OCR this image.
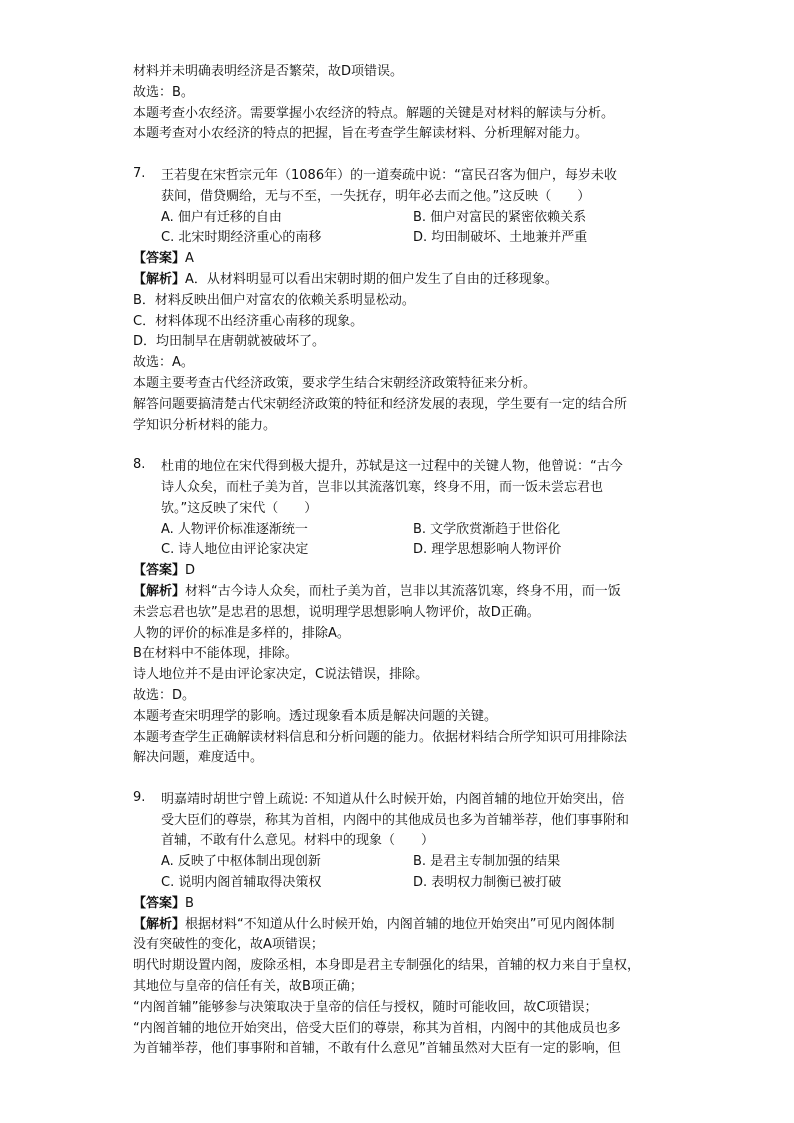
材料并未明确表明经济是否繁荣，故D项错误。
故选：B。
本题考查小农经济。需要掌握小农经济的特点。解题的关键是对材料的解读与分析。
本题考查对小农经济的特点的把握，旨在考查学生解读材料、分析理解对能力。
7.	王若叟在宋哲宗元年（1086年）的一道奏疏中说：“富民召客为佃户，每岁未收
获间，借贷赒给，无与不至，一失抚存，明年必去而之他。”这反映（　　）
A. 佃户有迁移的自由	B. 佃户对富民的紧密依赖关系
C. 北宋时期经济重心的南移	D. 均田制破坏、土地兼并严重
【答案】A
【解析】A．从材料明显可以看出宋朝时期的佃户发生了自由的迁移现象。
B．材料反映出佃户对富农的依赖关系明显松动。
C．材料体现不出经济重心南移的现象。
D．均田制早在唐朝就被破坏了。
故选：A。
本题主要考查古代经济政策，要求学生结合宋朝经济政策特征来分析。
解答问题要搞清楚古代宋朝经济政策的特征和经济发展的表现，学生要有一定的结合所
学知识分析材料的能力。
8.	杜甫的地位在宋代得到极大提升，苏轼是这一过程中的关键人物，他曾说：“古今
诗人众矣，而杜子美为首，岂非以其流落饥寒，终身不用，而一饭未尝忘君也
欤。”这反映了宋代（　　）
A. 人物评价标准逐渐统一	B. 文学欣赏渐趋于世俗化
C. 诗人地位由评论家决定	D. 理学思想影响人物评价
【答案】D
【解析】材料“古今诗人众矣，而杜子美为首，岂非以其流落饥寒，终身不用，而一饭
未尝忘君也欤”是忠君的思想，说明理学思想影响人物评价，故D正确。
人物的评价的标准是多样的，排除A。
B在材料中不能体现，排除。
诗人地位并不是由评论家决定，C说法错误，排除。
故选：D。
本题考查宋明理学的影响。透过现象看本质是解决问题的关键。
本题考查学生正确解读材料信息和分析问题的能力。依据材料结合所学知识可用排除法
解决问题，难度适中。
9.	明嘉靖时胡世宁曾上疏说: 不知道从什么时候开始，内阁首辅的地位开始突出，倍
受大臣们的尊崇，称其为首相，内阁中的其他成员也多为首辅举荐，他们事事附和
首辅，不敢有什么意见。材料中的现象（　　）
A. 反映了中枢体制出现创新	B. 是君主专制加强的结果
C. 说明内阁首辅取得决策权	D. 表明权力制衡已被打破
【答案】B
【解析】根据材料“不知道从什么时候开始，内阁首辅的地位开始突出”可见内阁体制
没有突破性的变化，故A项错误；
明代时期设置内阁，废除丞相，本身即是君主专制强化的结果，首辅的权力来自于皇权，
其地位与皇帝的信任有关，故B项正确；
“内阁首辅”能够参与决策取决于皇帝的信任与授权，随时可能收回，故C项错误；
“内阁首辅的地位开始突出，倍受大臣们的尊崇，称其为首相，内阁中的其他成员也多
为首辅举荐，他们事事附和首辅，不敢有什么意见”首辅虽然对大臣有一定的影响，但
